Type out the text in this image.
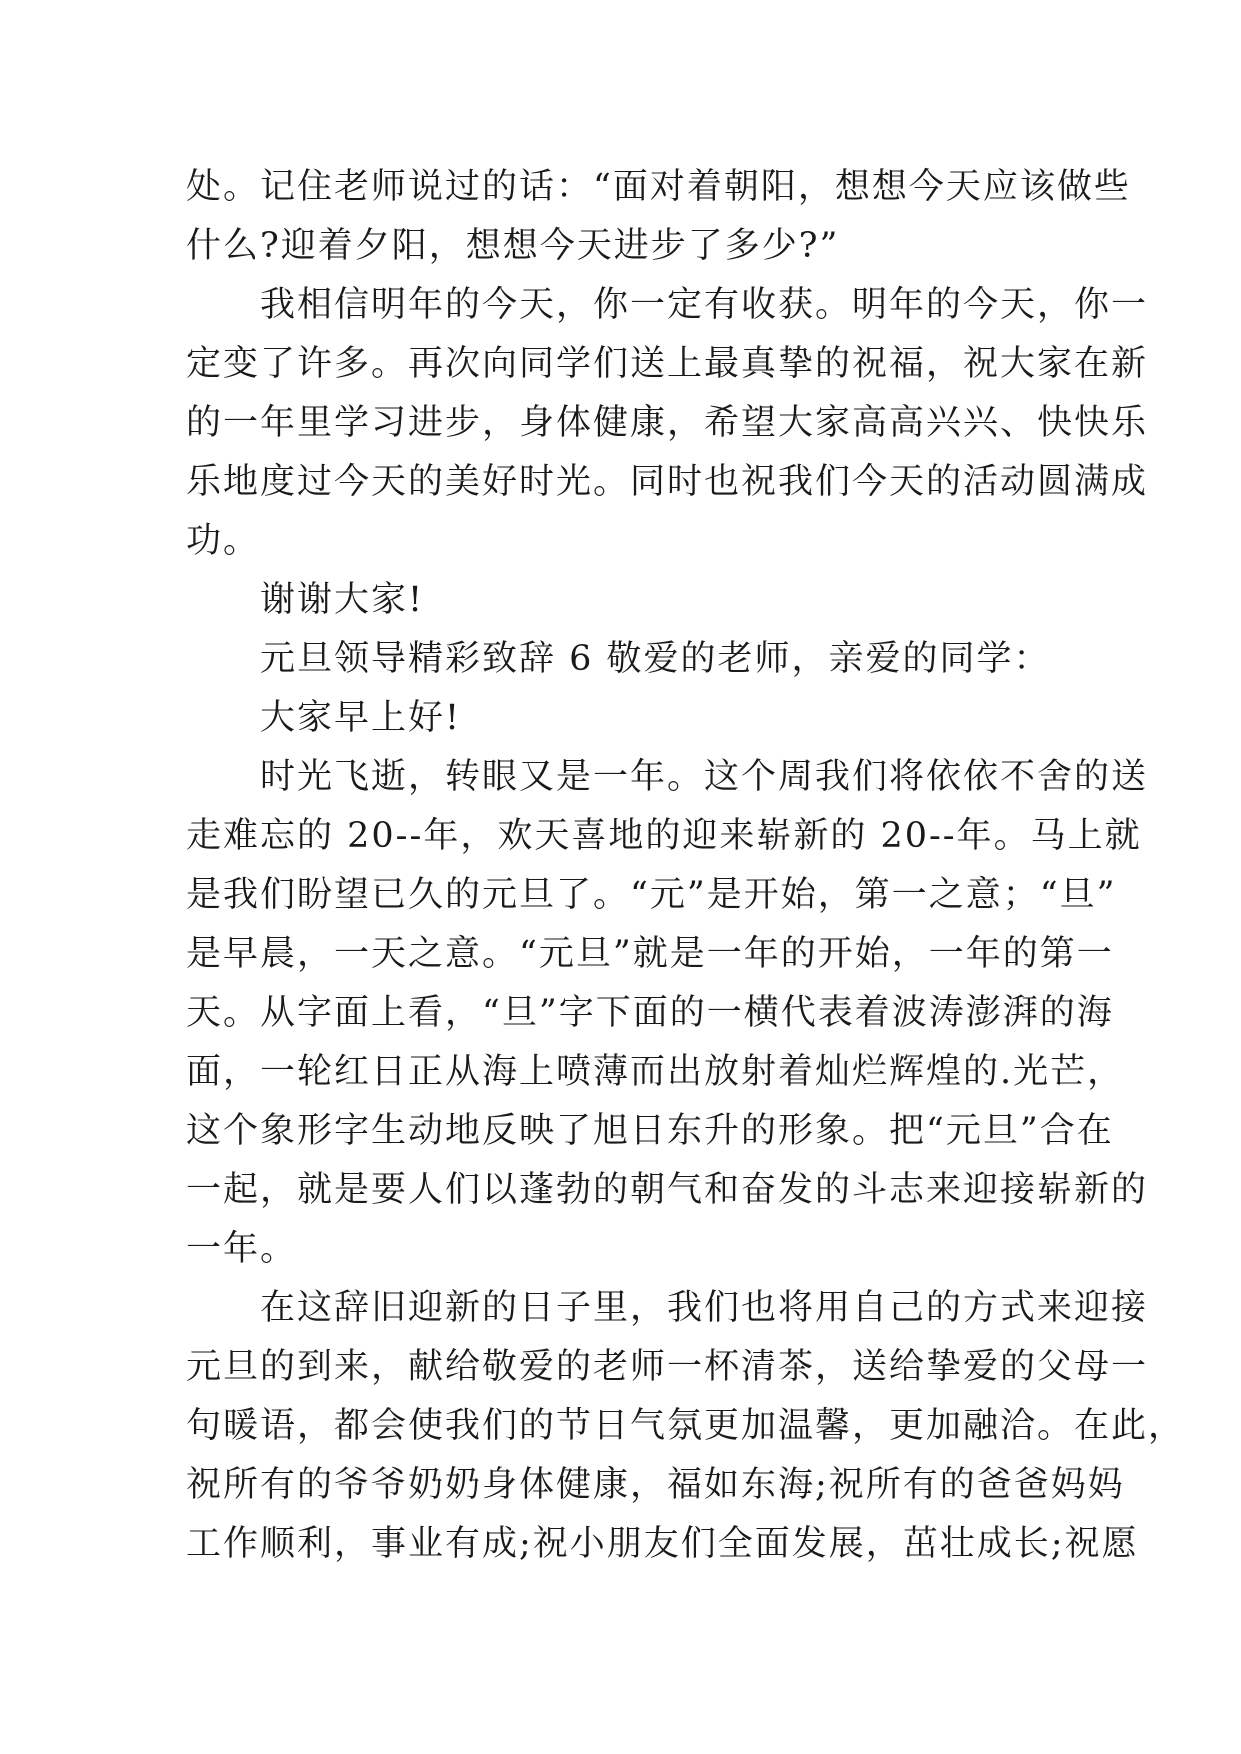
处。记住老师说过的话：“面对着朝阳，想想今天应该做些
什么?迎着夕阳，想想今天进步了多少?”
　　我相信明年的今天，你一定有收获。明年的今天，你一
定变了许多。再次向同学们送上最真挚的祝福，祝大家在新
的一年里学习进步，身体健康，希望大家高高兴兴、快快乐
乐地度过今天的美好时光。同时也祝我们今天的活动圆满成
功。
　　谢谢大家!
　　元旦领导精彩致辞 6 敬爱的老师，亲爱的同学：
　　大家早上好!
　　时光飞逝，转眼又是一年。这个周我们将依依不舍的送
走难忘的 20--年，欢天喜地的迎来崭新的 20--年。马上就
是我们盼望已久的元旦了。“元”是开始，第一之意；“旦”
是早晨，一天之意。“元旦”就是一年的开始，一年的第一
天。从字面上看，“旦”字下面的一横代表着波涛澎湃的海
面，一轮红日正从海上喷薄而出放射着灿烂辉煌的.光芒，
这个象形字生动地反映了旭日东升的形象。把“元旦”合在
一起，就是要人们以蓬勃的朝气和奋发的斗志来迎接崭新的
一年。
　　在这辞旧迎新的日子里，我们也将用自己的方式来迎接
元旦的到来，献给敬爱的老师一杯清茶，送给挚爱的父母一
句暖语，都会使我们的节日气氛更加温馨，更加融洽。在此，
祝所有的爷爷奶奶身体健康，福如东海;祝所有的爸爸妈妈
工作顺利，事业有成;祝小朋友们全面发展，茁壮成长;祝愿
